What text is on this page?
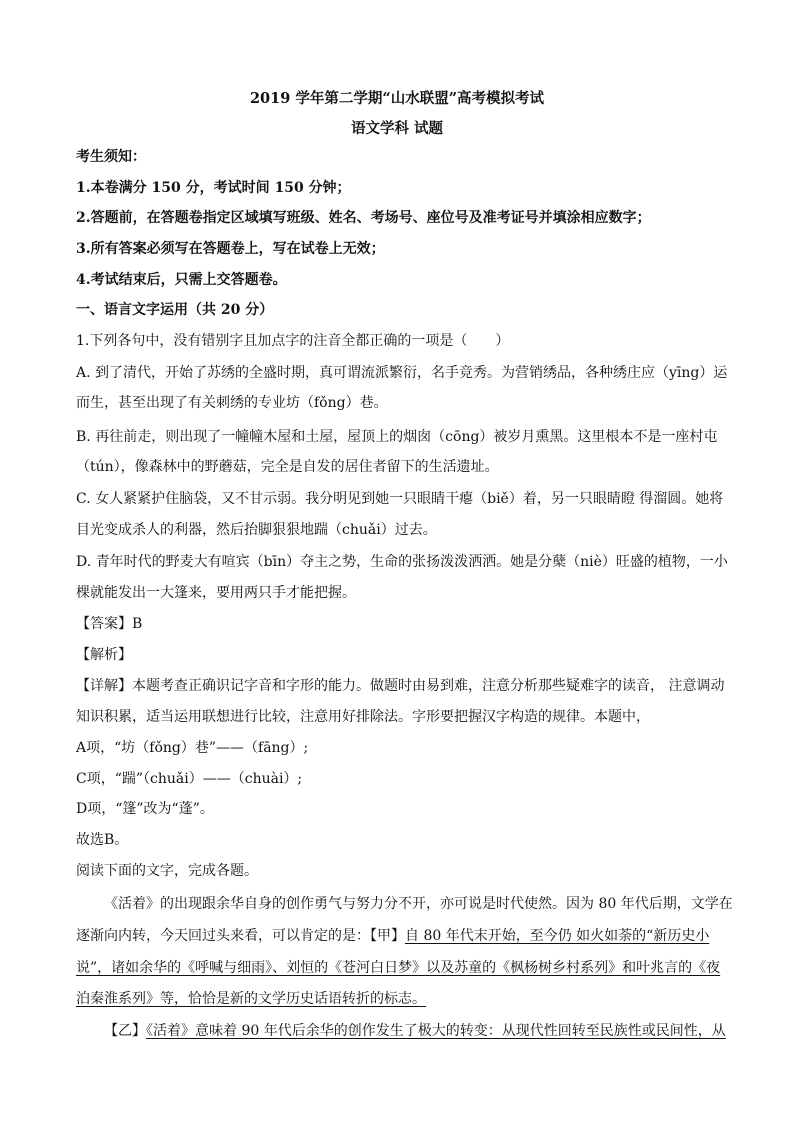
2019 学年第二学期“山水联盟”高考模拟考试
语文学科 试题
考生须知：
1.本卷满分 150 分，考试时间 150 分钟；
2.答题前，在答题卷指定区域填写班级、姓名、考场号、座位号及准考证号并填涂相应数字；
3.所有答案必须写在答题卷上，写在试卷上无效；
4.考试结束后，只需上交答题卷。
一、语言文字运用（共 20 分）
1.下列各句中，没有错别字且加点字的注音全都正确的一项是（　　）
A. 到了清代，开始了苏绣的全盛时期，真可谓流派繁衍，名手竞秀。为营销绣品，各种绣庄应（yīng）运
而生，甚至出现了有关刺绣的专业坊（fǒng）巷。
B. 再往前走，则出现了一幢幢木屋和土屋，屋顶上的烟囱（cōng）被岁月熏黑。这里根本不是一座村屯
（tún），像森林中的野蘑菇，完全是自发的居住者留下的生活遗址。
C. 女人紧紧护住脑袋，又不甘示弱。我分明见到她一只眼睛干瘪（biě）着，另一只眼睛瞪 得溜圆。她将
目光变成杀人的利器，然后抬脚狠狠地踹（chuǎi）过去。
D. 青年时代的野麦大有喧宾（bīn）夺主之势，生命的张扬泼泼洒洒。她是分蘖（niè）旺盛的植物，一小
棵就能发出一大篷来，要用两只手才能把握。
【答案】B
【解析】
【详解】本题考查正确识记字音和字形的能力。做题时由易到难，注意分析那些疑难字的读音， 注意调动
知识积累，适当运用联想进行比较，注意用好排除法。字形要把握汉字构造的规律。本题中，
A项，“坊（fǒng）巷”——（fāng）;
C项，“踹”（chuǎi）——（chuài）;
D项，“篷”改为“蓬”。
故选B。
阅读下面的文字，完成各题。
《活着》的出现跟余华自身的创作勇气与努力分不开，亦可说是时代使然。因为 80 年代后期，文学在
逐渐向内转，今天回过头来看，可以肯定的是：【甲】自 80 年代末开始，至今仍 如火如荼的“新历史小
说”，诸如余华的《呼喊与细雨》、刘恒的《苍河白日梦》以及苏童的《枫杨树乡村系列》和叶兆言的《夜
泊秦淮系列》等，恰恰是新的文学历史话语转折的标志。
【乙】《活着》意味着 90 年代后余华的创作发生了极大的转变：从现代性回转至民族性或民间性，从
